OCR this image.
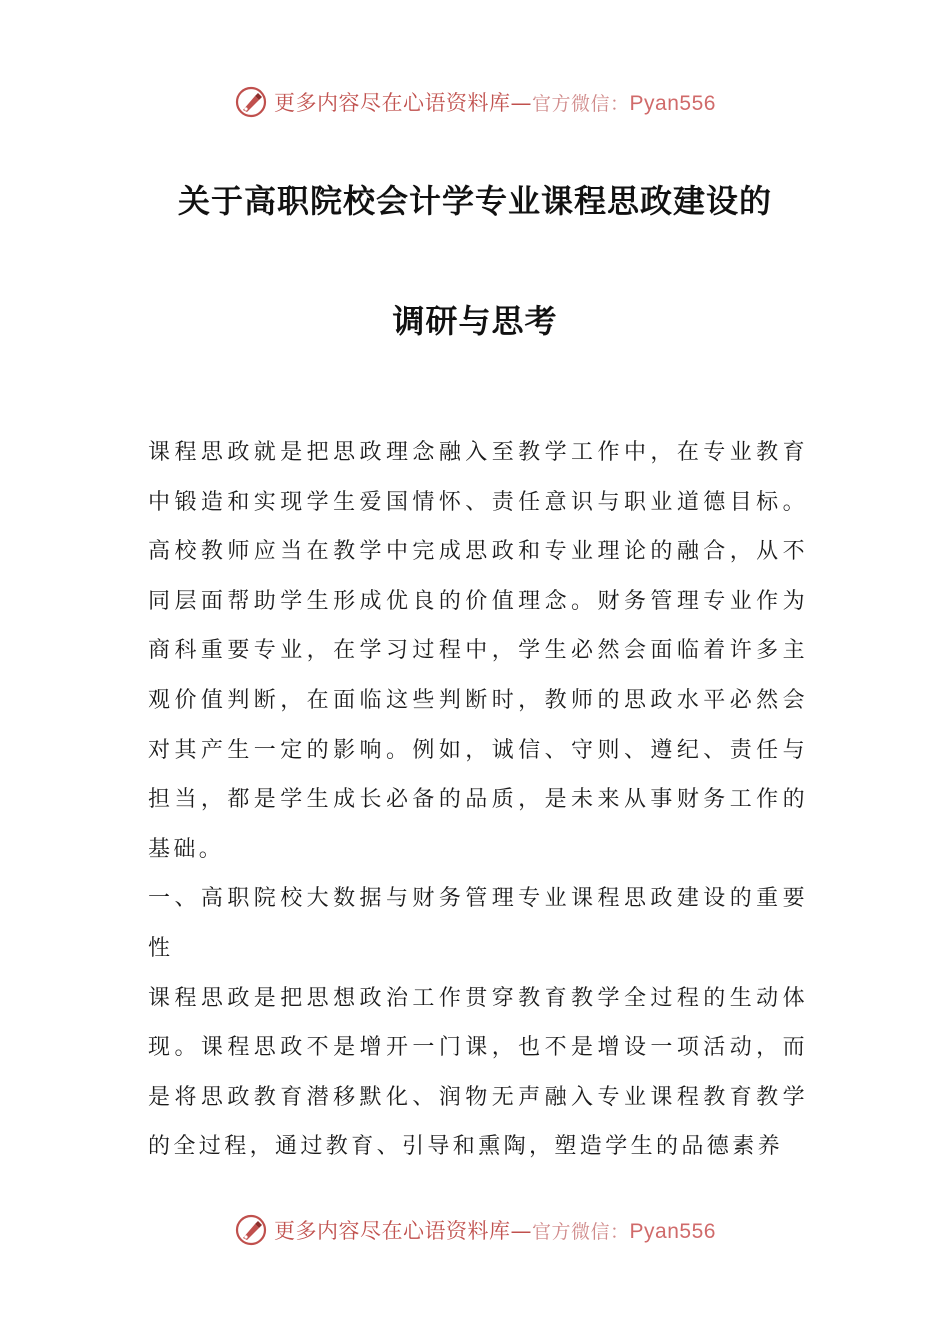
更多内容尽在心语资料库—官方微信：Pyan556
关于高职院校会计学专业课程思政建设的
调研与思考

课程思政就是把思政理念融入至教学工作中，在专业教育中锻造和实现学生爱国情怀、责任意识与职业道德目标。高校教师应当在教学中完成思政和专业理论的融合，从不同层面帮助学生形成优良的价值理念。财务管理专业作为商科重要专业，在学习过程中，学生必然会面临着许多主观价值判断，在面临这些判断时，教师的思政水平必然会对其产生一定的影响。例如，诚信、守则、遵纪、责任与担当，都是学生成长必备的品质，是未来从事财务工作的基础。

一、高职院校大数据与财务管理专业课程思政建设的重要性

课程思政是把思想政治工作贯穿教育教学全过程的生动体现。课程思政不是增开一门课，也不是增设一项活动，而是将思政教育潜移默化、润物无声融入专业课程教育教学的全过程，通过教育、引导和熏陶，塑造学生的品德素养

更多内容尽在心语资料库—官方微信：Pyan556
